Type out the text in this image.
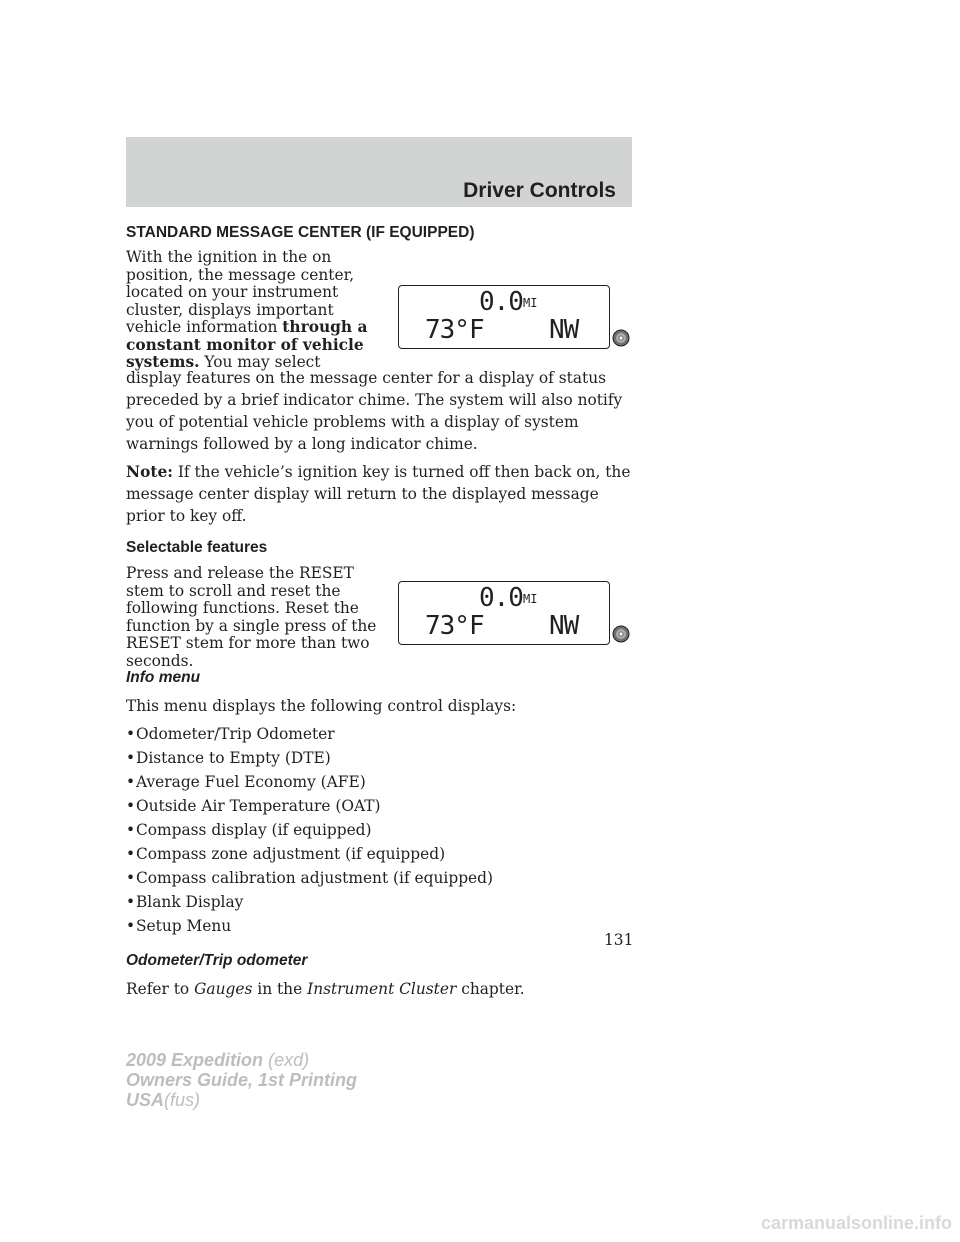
Driver Controls
STANDARD MESSAGE CENTER (IF EQUIPPED)

With the ignition in the on position, the message center, located on your instrument cluster, displays important vehicle information through a constant monitor of vehicle systems. You may select

0.0 MI
73°F	NW

display features on the message center for a display of status preceded by a brief indicator chime. The system will also notify you of potential vehicle problems with a display of system warnings followed by a long indicator chime.

Note: If the vehicle’s ignition key is turned off then back on, the message center display will return to the displayed message prior to key off.

Selectable features

Press and release the RESET stem to scroll and reset the following functions. Reset the function by a single press of the RESET stem for more than two seconds.

0.0 MI
73°F	NW
Info menu

This menu displays the following control displays:

•Odometer/Trip Odometer
•Distance to Empty (DTE)
•Average Fuel Economy (AFE)
•Outside Air Temperature (OAT)
•Compass display (if equipped)
•Compass zone adjustment (if equipped)
•Compass calibration adjustment (if equipped)
•Blank Display
•Setup Menu
Odometer/Trip odometer

Refer to Gauges in the Instrument Cluster chapter.

131
2009 Expedition (exd)
Owners Guide, 1st Printing
USA(fus)
carmanualsonline.info
